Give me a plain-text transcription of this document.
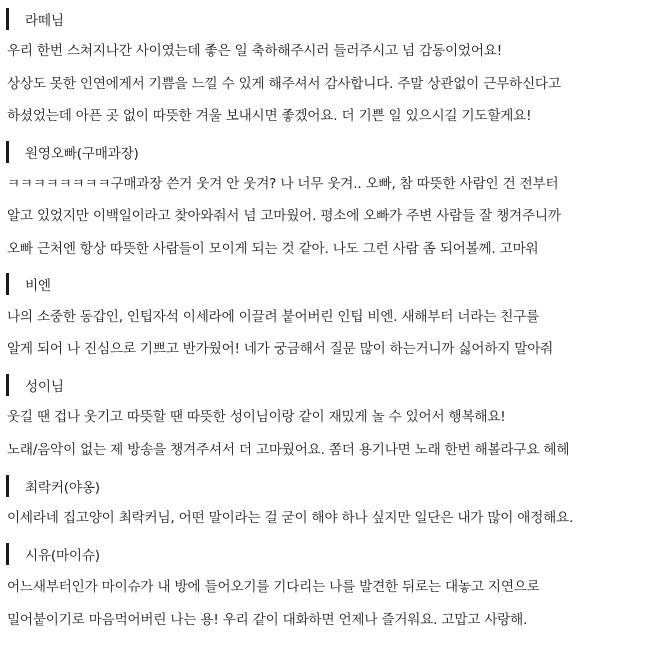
라떼님
우리 한번 스쳐지나간 사이였는데 좋은 일 축하해주시러 들러주시고 넘 감동이었어요!
상상도 못한 인연에게서 기쁨을 느낄 수 있게 해주셔서 감사합니다. 주말 상관없이 근무하신다고
하셨었는데 아픈 곳 없이 따뜻한 겨울 보내시면 좋겠어요. 더 기쁜 일 있으시길 기도할게요!
원영오빠(구매과장)
ㅋㅋㅋㅋㅋㅋㅋㅋ구매과장 쓴거 웃겨 안 웃겨? 나 너무 웃겨.. 오빠, 참 따뜻한 사람인 건 전부터
알고 있었지만 이백일이라고 찾아와줘서 넘 고마웠어. 평소에 오빠가 주변 사람들 잘 챙겨주니까
오빠 근처엔 항상 따뜻한 사람들이 모이게 되는 것 같아. 나도 그런 사람 좀 되어볼께. 고마워
비엔
나의 소중한 동갑인, 인팁자석 이세라에 이끌려 붙어버린 인팁 비엔. 새해부터 너라는 친구를
알게 되어 나 진심으로 기쁘고 반가웠어! 네가 궁금해서 질문 많이 하는거니까 싫어하지 말아줘
성이님
웃길 땐 겁나 웃기고 따뜻할 땐 따뜻한 성이님이랑 같이 재밌게 놀 수 있어서 행복해요!
노래/음악이 없는 제 방송을 챙겨주셔서 더 고마웠어요. 쫌더 용기나면 노래 한번 해볼라구요 헤헤
최락커(야옹)
이세라네 집고양이 최락커님, 어떤 말이라는 걸 굳이 해야 하나 싶지만 일단은 내가 많이 애정해요.
시유(마이슈)
어느새부터인가 마이슈가 내 방에 들어오기를 기다리는 나를 발견한 뒤로는 대놓고 지연으로
밀어붙이기로 마음먹어버린 나는 용! 우리 같이 대화하면 언제나 즐거워요. 고맙고 사랑해.
